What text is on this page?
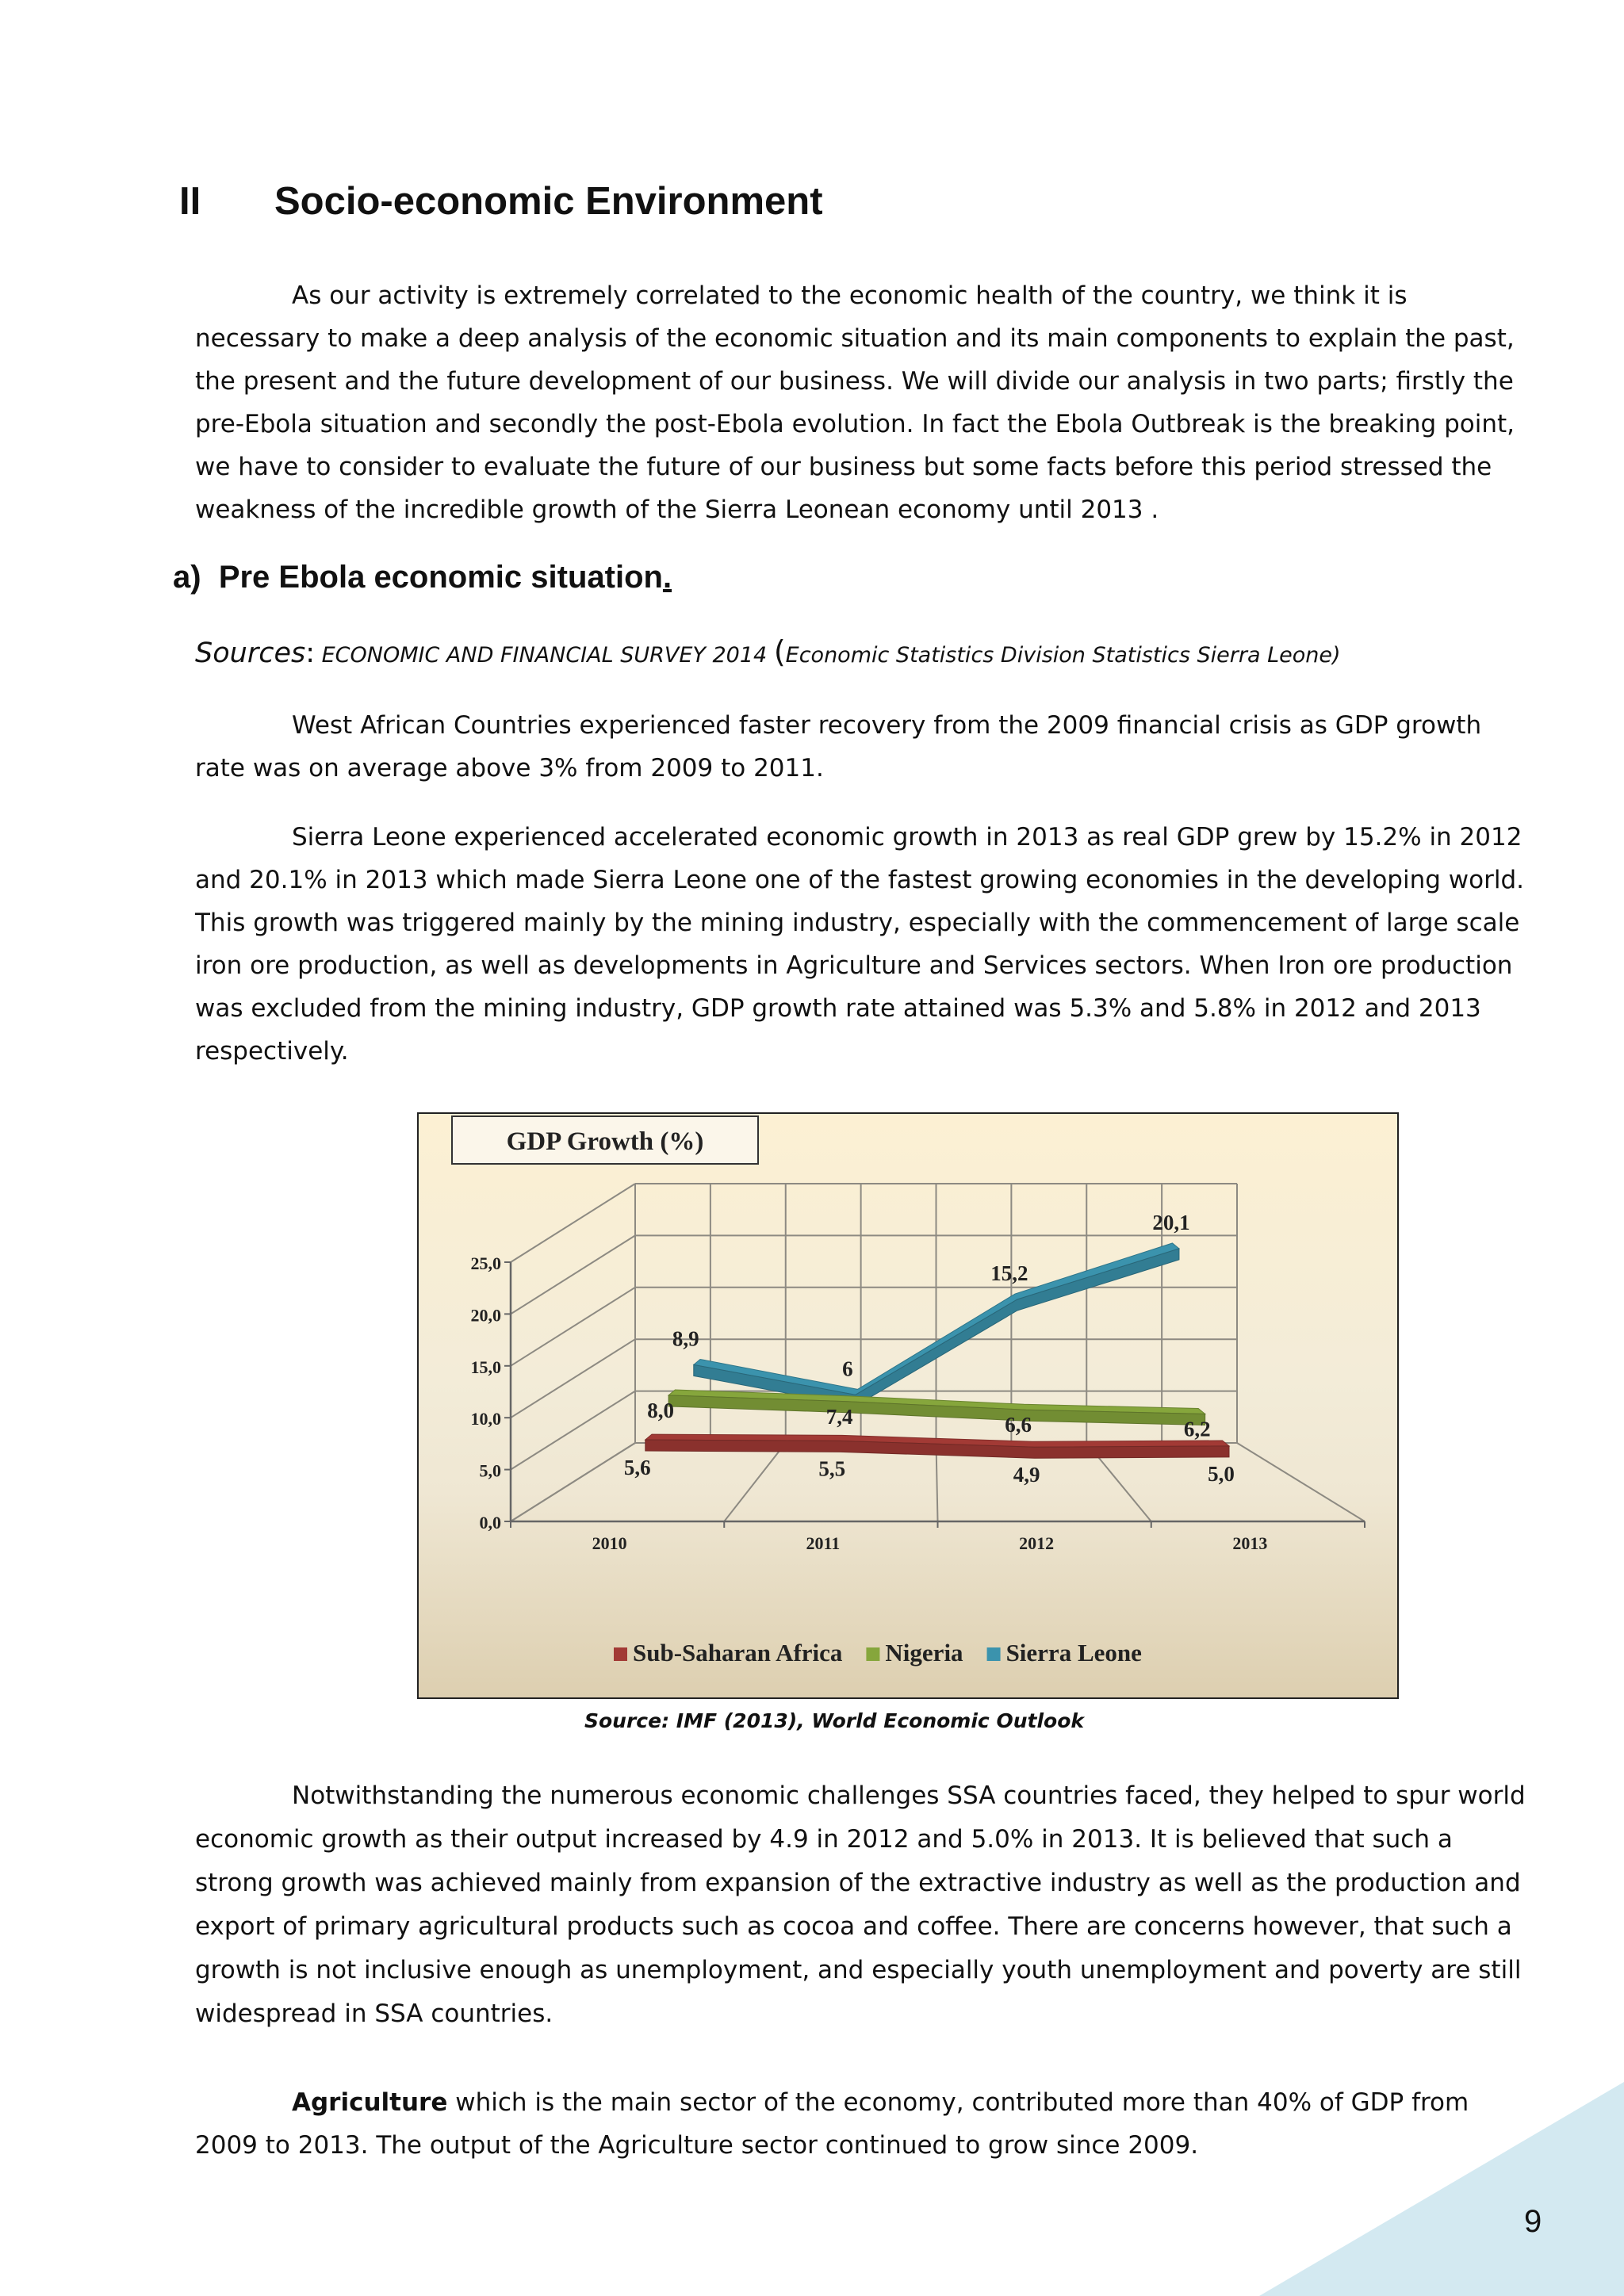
II Socio-economic Environment

As our activity is extremely correlated to the economic health of the country, we think it is necessary to make a deep analysis of the economic situation and its main components to explain the past, the present and the future development of our business. We will divide our analysis in two parts; firstly the pre-Ebola situation and secondly the post-Ebola evolution. In fact the Ebola Outbreak is the breaking point, we have to consider to evaluate the future of our business but some facts before this period stressed the weakness of the incredible growth of the Sierra Leonean economy until 2013 .

a) Pre Ebola economic situation.

Sources: ECONOMIC AND FINANCIAL SURVEY 2014 (Economic Statistics Division Statistics Sierra Leone)

West African Countries experienced faster recovery from the 2009 financial crisis as GDP growth rate was on average above 3% from 2009 to 2011.

Sierra Leone experienced accelerated economic growth in 2013 as real GDP grew by 15.2% in 2012 and 20.1% in 2013 which made Sierra Leone one of the fastest growing economies in the developing world. This growth was triggered mainly by the mining industry, especially with the commencement of large scale iron ore production, as well as developments in Agriculture and Services sectors. When Iron ore production was excluded from the mining industry, GDP growth rate attained was 5.3% and 5.8% in 2012 and 2013 respectively.

GDP Growth (%)
0,0
5,0
10,0
15,0
20,0
25,0
2010	2011	2012	2013
8,9
6
15,2
20,1
8,0	7,4	6,6	6,2
5,6	5,5	4,9	5,0
Sub-Saharan Africa Nigeria Sierra Leone

Source: IMF (2013), World Economic Outlook

Notwithstanding the numerous economic challenges SSA countries faced, they helped to spur world economic growth as their output increased by 4.9 in 2012 and 5.0% in 2013. It is believed that such a strong growth was achieved mainly from expansion of the extractive industry as well as the production and export of primary agricultural products such as cocoa and coffee. There are concerns however, that such a growth is not inclusive enough as unemployment, and especially youth unemployment and poverty are still widespread in SSA countries.

Agriculture which is the main sector of the economy, contributed more than 40% of GDP from 2009 to 2013. The output of the Agriculture sector continued to grow since 2009.

9
